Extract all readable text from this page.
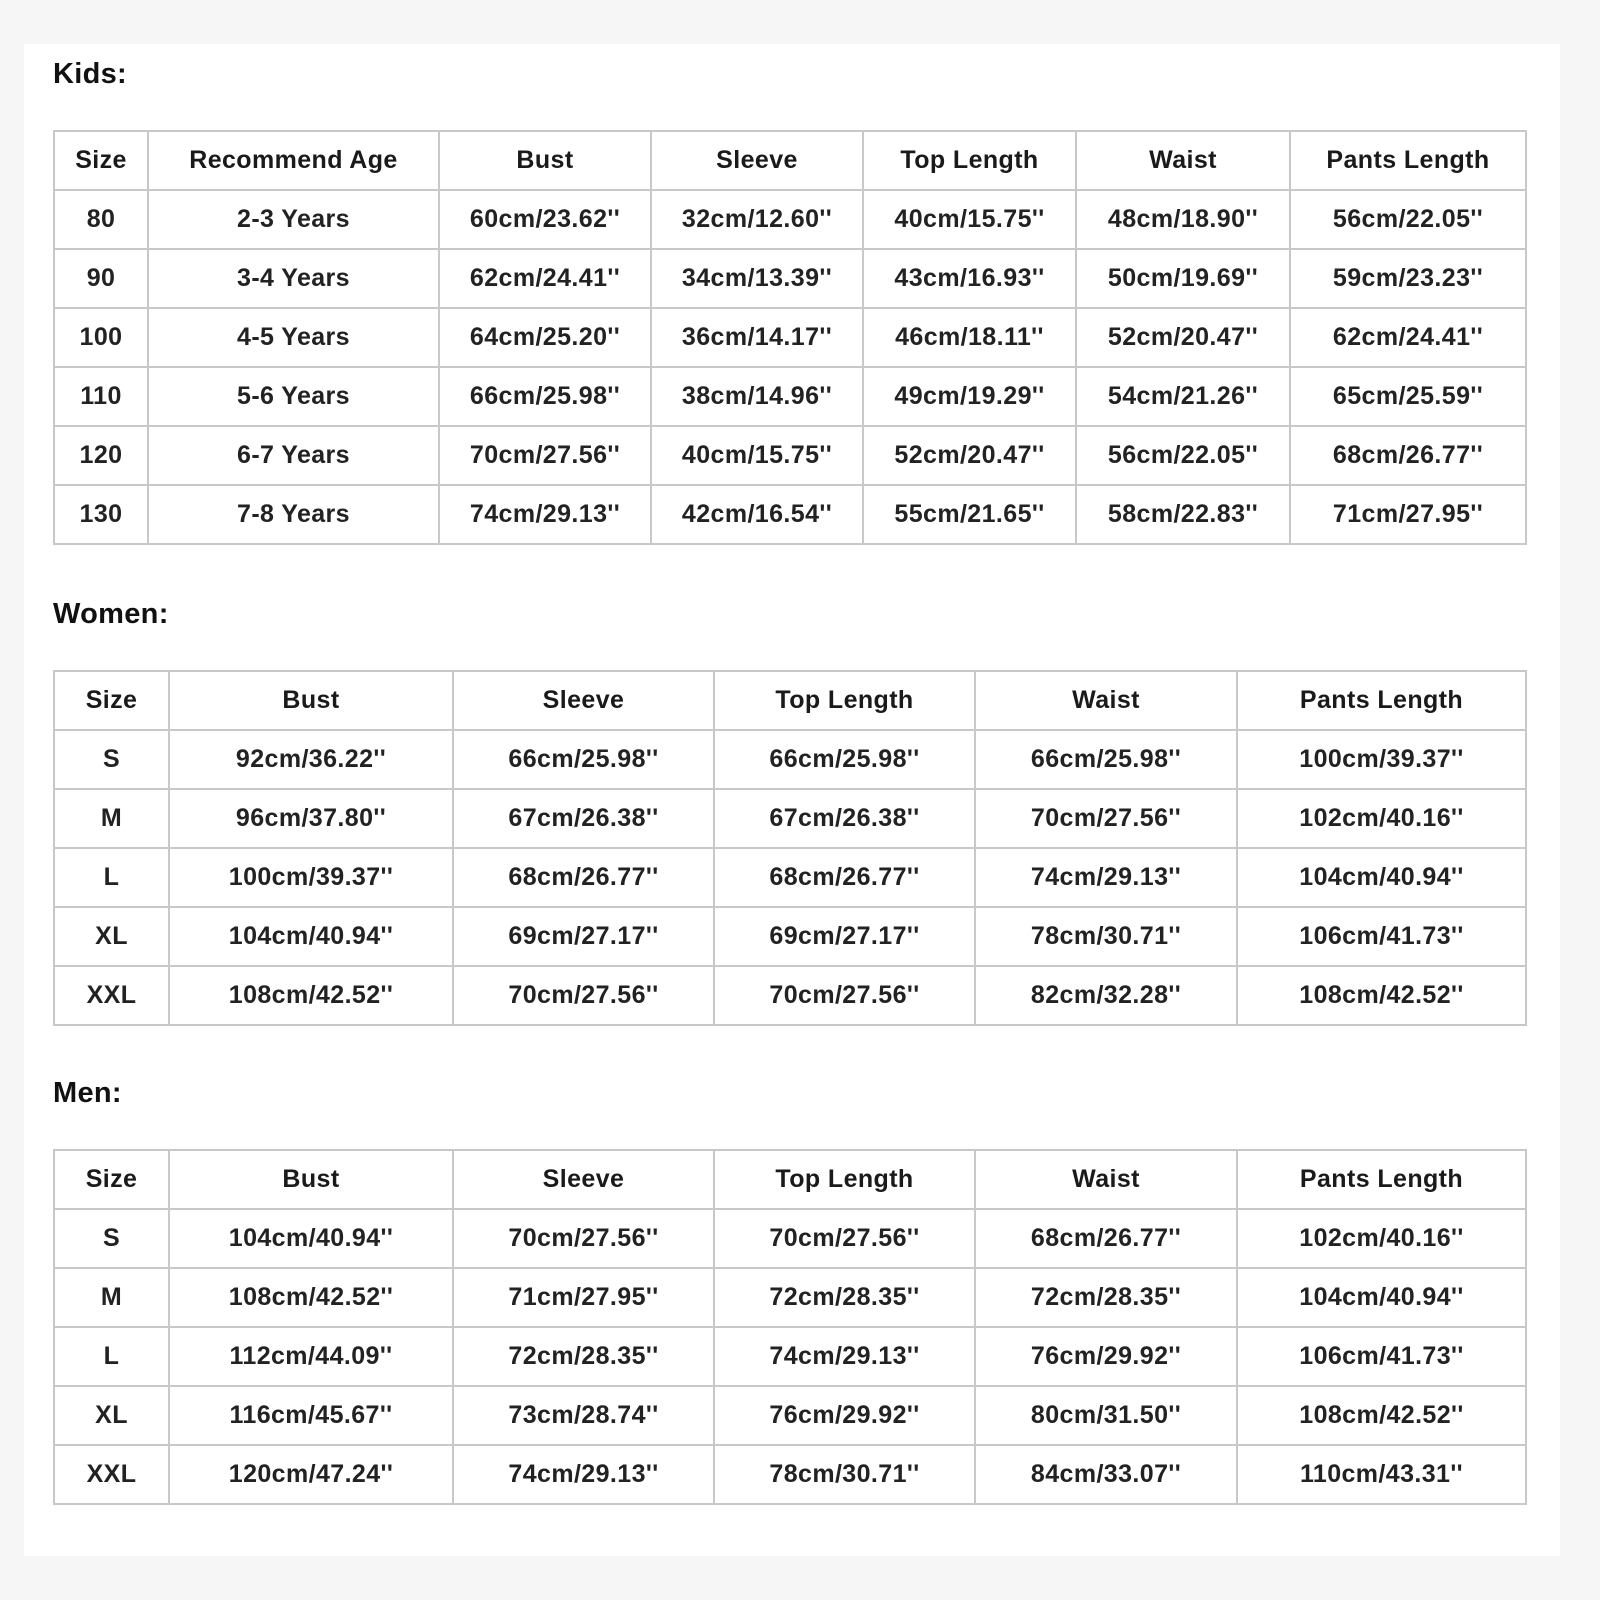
Kids:
Size	Recommend Age	Bust	Sleeve	Top Length	Waist	Pants Length
80	2-3 Years	60cm/23.62''	32cm/12.60''	40cm/15.75''	48cm/18.90''	56cm/22.05''
90	3-4 Years	62cm/24.41''	34cm/13.39''	43cm/16.93''	50cm/19.69''	59cm/23.23''
100	4-5 Years	64cm/25.20''	36cm/14.17''	46cm/18.11''	52cm/20.47''	62cm/24.41''
110	5-6 Years	66cm/25.98''	38cm/14.96''	49cm/19.29''	54cm/21.26''	65cm/25.59''
120	6-7 Years	70cm/27.56''	40cm/15.75''	52cm/20.47''	56cm/22.05''	68cm/26.77''
130	7-8 Years	74cm/29.13''	42cm/16.54''	55cm/21.65''	58cm/22.83''	71cm/27.95''
Women:
Size	Bust	Sleeve	Top Length	Waist	Pants Length
S	92cm/36.22''	66cm/25.98''	66cm/25.98''	66cm/25.98''	100cm/39.37''
M	96cm/37.80''	67cm/26.38''	67cm/26.38''	70cm/27.56''	102cm/40.16''
L	100cm/39.37''	68cm/26.77''	68cm/26.77''	74cm/29.13''	104cm/40.94''
XL	104cm/40.94''	69cm/27.17''	69cm/27.17''	78cm/30.71''	106cm/41.73''
XXL	108cm/42.52''	70cm/27.56''	70cm/27.56''	82cm/32.28''	108cm/42.52''
Men:
Size	Bust	Sleeve	Top Length	Waist	Pants Length
S	104cm/40.94''	70cm/27.56''	70cm/27.56''	68cm/26.77''	102cm/40.16''
M	108cm/42.52''	71cm/27.95''	72cm/28.35''	72cm/28.35''	104cm/40.94''
L	112cm/44.09''	72cm/28.35''	74cm/29.13''	76cm/29.92''	106cm/41.73''
XL	116cm/45.67''	73cm/28.74''	76cm/29.92''	80cm/31.50''	108cm/42.52''
XXL	120cm/47.24''	74cm/29.13''	78cm/30.71''	84cm/33.07''	110cm/43.31''
